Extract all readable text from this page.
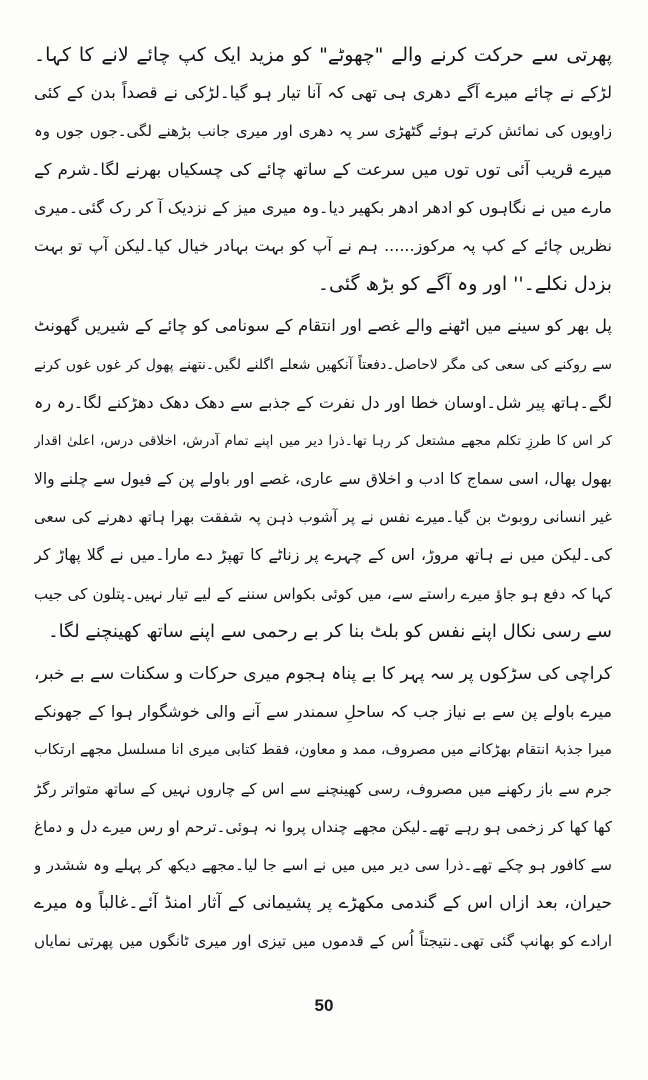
پھرتی سے حرکت کرنے والے "چھوٹے" کو مزید ایک کپ چائے لانے کا کہا۔
لڑکے نے چائے میرے آگے دھری ہی تھی کہ آنا تیار ہو گیا۔لڑکی نے قصداً بدن کے کئی
زاویوں کی نمائش کرتے ہوئے گٹھڑی سر پہ دھری اور میری جانب بڑھنے لگی۔جوں جوں وہ
میرے قریب آئی توں توں میں سرعت کے ساتھ چائے کی چسکیاں بھرنے لگا۔شرم کے
مارے میں نے نگاہوں کو ادھر ادھر بکھیر دیا۔وہ میری میز کے نزدیک آ کر رک گئی۔میری
نظریں چائے کے کپ پہ مرکوز...... ہم نے آپ کو بہت بہادر خیال کیا۔لیکن آپ تو بہت
بزدل نکلے۔'' اور وہ آگے کو بڑھ گئی۔
پل بھر کو سینے میں اٹھنے والے غصے اور انتقام کے سونامی کو چائے کے شیریں گھونٹ
سے روکنے کی سعی کی مگر لاحاصل۔دفعتاً آنکھیں شعلے اگلنے لگیں۔نتھنے پھول کر غوں غوں کرنے
لگے۔ہاتھ پیر شل۔اوسان خطا اور دل نفرت کے جذبے سے دھک دھک دھڑکنے لگا۔رہ رہ
کر اس کا طرزِ تکلم مجھے مشتعل کر رہا تھا۔ذرا دیر میں اپنے تمام آدرش، اخلاقی درس، اعلیٰ اقدار
بھول بھال، اسی سماج کا ادب و اخلاق سے عاری، غصے اور باولے پن کے فیول سے چلنے والا
غیر انسانی روبوٹ بن گیا۔میرے نفس نے پر آشوب ذہن پہ شفقت بھرا ہاتھ دھرنے کی سعی
کی۔لیکن میں نے ہاتھ مروڑ، اس کے چہرے پر زناٹے کا تھپڑ دے مارا۔میں نے گلا پھاڑ کر
کہا کہ دفع ہو جاؤ میرے راستے سے، میں کوئی بکواس سننے کے لیے تیار نہیں۔پتلون کی جیب
سے رسی نکال اپنے نفس کو بلٹ بنا کر بے رحمی سے اپنے ساتھ کھینچنے لگا۔
کراچی کی سڑکوں پر سہ پہر کا بے پناہ ہجوم میری حرکات و سکنات سے بے خبر،
میرے باولے پن سے بے نیاز جب کہ ساحلِ سمندر سے آنے والی خوشگوار ہوا کے جھونکے
میرا جذبۂ انتقام بھڑکانے میں مصروف، ممد و معاون، فقط کتابی میری انا مسلسل مجھے ارتکاب
جرم سے باز رکھنے میں مصروف، رسی کھینچنے سے اس کے چاروں نہیں کے ساتھ متواتر رگڑ
کھا کھا کر زخمی ہو رہے تھے۔لیکن مجھے چنداں پروا نہ ہوئی۔ترحم او رس میرے دل و دماغ
سے کافور ہو چکے تھے۔ذرا سی دیر میں میں نے اسے جا لیا۔مجھے دیکھ کر پہلے وہ ششدر و
حیران، بعد ازاں اس کے گندمی مکھڑے پر پشیمانی کے آثار امنڈ آئے۔غالباً وہ میرے
ارادے کو بھانپ گئی تھی۔نتیجتاً اُس کے قدموں میں تیزی اور میری ٹانگوں میں پھرتی نمایاں
50
